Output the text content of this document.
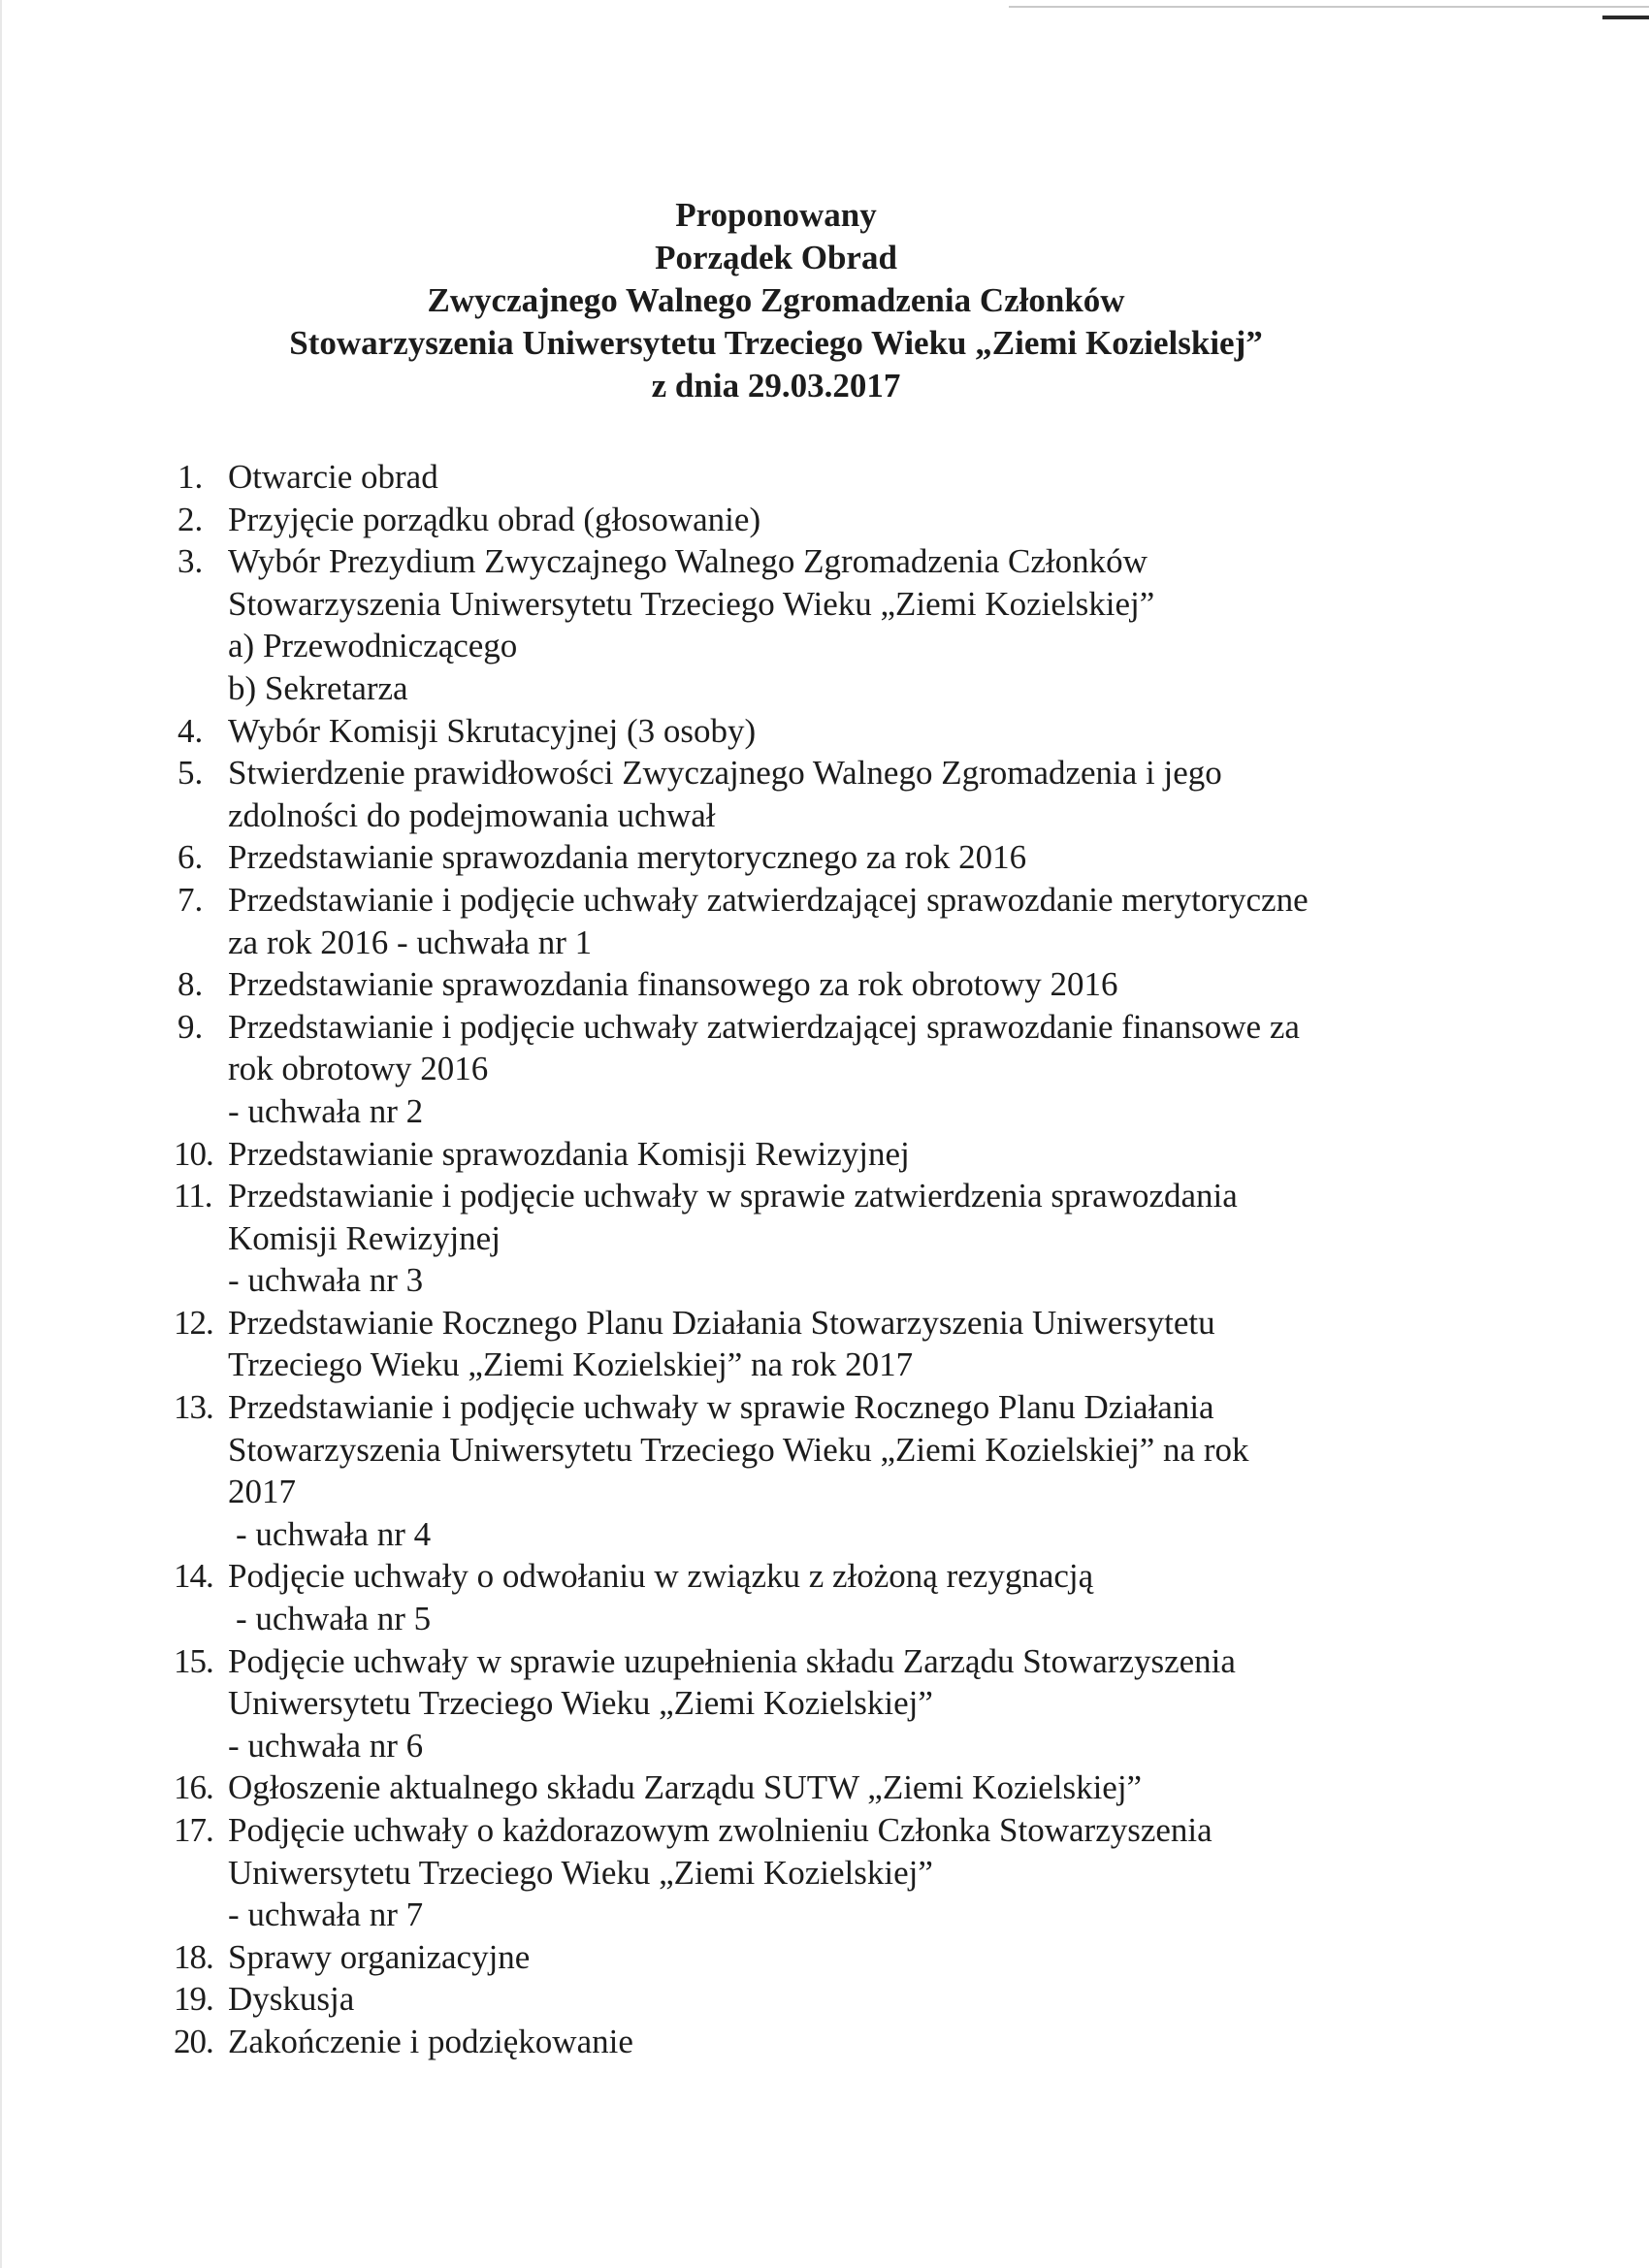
Proponowany
Porządek Obrad
Zwyczajnego Walnego Zgromadzenia Członków
Stowarzyszenia Uniwersytetu Trzeciego Wieku „Ziemi Kozielskiej”
z dnia 29.03.2017
1. Otwarcie obrad
2. Przyjęcie porządku obrad (głosowanie)
3. Wybór Prezydium Zwyczajnego Walnego Zgromadzenia Członków
Stowarzyszenia Uniwersytetu Trzeciego Wieku „Ziemi Kozielskiej”
a) Przewodniczącego
b) Sekretarza
4. Wybór Komisji Skrutacyjnej (3 osoby)
5. Stwierdzenie prawidłowości Zwyczajnego Walnego Zgromadzenia i jego
zdolności do podejmowania uchwał
6. Przedstawianie sprawozdania merytorycznego za rok 2016
7. Przedstawianie i podjęcie uchwały zatwierdzającej sprawozdanie merytoryczne
za rok 2016 - uchwała nr 1
8. Przedstawianie sprawozdania finansowego za rok obrotowy 2016
9. Przedstawianie i podjęcie uchwały zatwierdzającej sprawozdanie finansowe za
rok obrotowy 2016
- uchwała nr 2
10. Przedstawianie sprawozdania Komisji Rewizyjnej
11. Przedstawianie i podjęcie uchwały w sprawie zatwierdzenia sprawozdania
Komisji Rewizyjnej
- uchwała nr 3
12. Przedstawianie Rocznego Planu Działania Stowarzyszenia Uniwersytetu
Trzeciego Wieku „Ziemi Kozielskiej” na rok 2017
13. Przedstawianie i podjęcie uchwały w sprawie Rocznego Planu Działania
Stowarzyszenia Uniwersytetu Trzeciego Wieku „Ziemi Kozielskiej” na rok
2017
- uchwała nr 4
14. Podjęcie uchwały o odwołaniu w związku z złożoną rezygnacją
- uchwała nr 5
15. Podjęcie uchwały w sprawie uzupełnienia składu Zarządu Stowarzyszenia
Uniwersytetu Trzeciego Wieku „Ziemi Kozielskiej”
- uchwała nr 6
16. Ogłoszenie aktualnego składu Zarządu SUTW „Ziemi Kozielskiej”
17. Podjęcie uchwały o każdorazowym zwolnieniu Członka Stowarzyszenia
Uniwersytetu Trzeciego Wieku „Ziemi Kozielskiej”
- uchwała nr 7
18. Sprawy organizacyjne
19. Dyskusja
20. Zakończenie i podziękowanie
